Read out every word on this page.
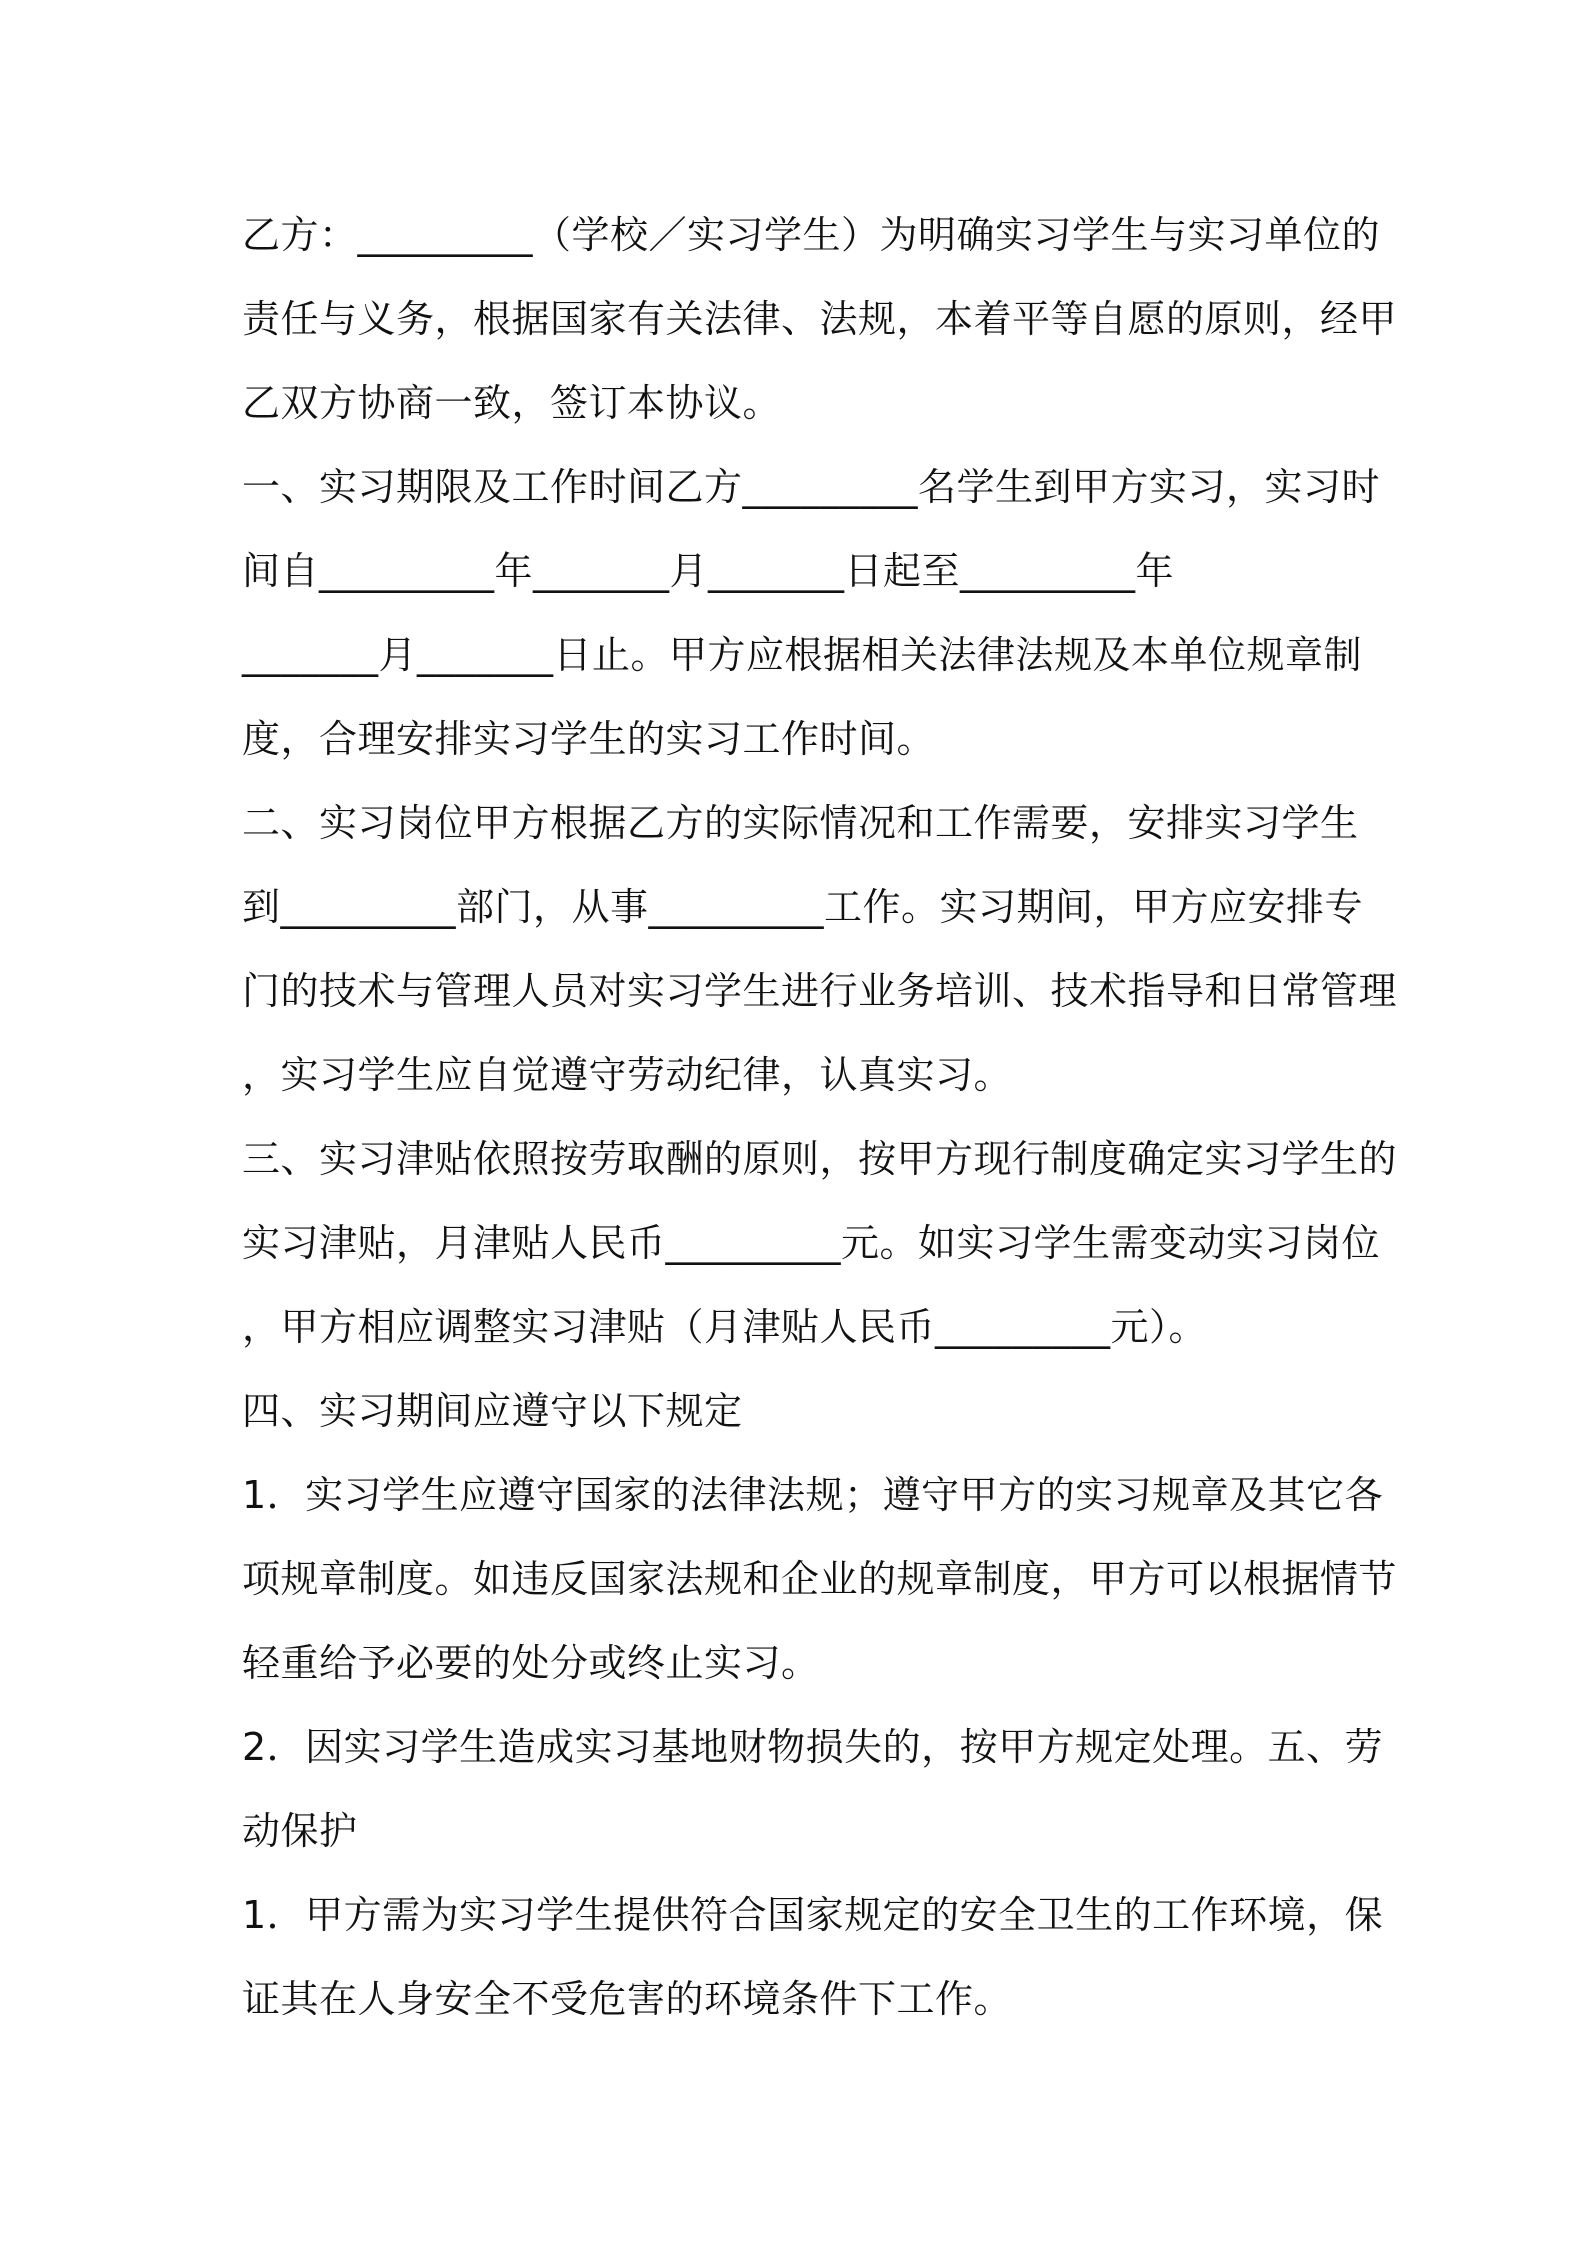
乙方：_________（学校／实习学生）为明确实习学生与实习单位的
责任与义务，根据国家有关法律、法规，本着平等自愿的原则，经甲
乙双方协商一致，签订本协议。
一、实习期限及工作时间乙方_________名学生到甲方实习，实习时
间自_________年_______月_______日起至_________年
_______月_______日止。甲方应根据相关法律法规及本单位规章制
度，合理安排实习学生的实习工作时间。
二、实习岗位甲方根据乙方的实际情况和工作需要，安排实习学生
到_________部门，从事_________工作。实习期间，甲方应安排专
门的技术与管理人员对实习学生进行业务培训、技术指导和日常管理
，实习学生应自觉遵守劳动纪律，认真实习。
三、实习津贴依照按劳取酬的原则，按甲方现行制度确定实习学生的
实习津贴，月津贴人民币_________元。如实习学生需变动实习岗位
，甲方相应调整实习津贴（月津贴人民币_________元）。
四、实习期间应遵守以下规定
1．实习学生应遵守国家的法律法规；遵守甲方的实习规章及其它各
项规章制度。如违反国家法规和企业的规章制度，甲方可以根据情节
轻重给予必要的处分或终止实习。
2．因实习学生造成实习基地财物损失的，按甲方规定处理。五、劳
动保护
1．甲方需为实习学生提供符合国家规定的安全卫生的工作环境，保
证其在人身安全不受危害的环境条件下工作。
